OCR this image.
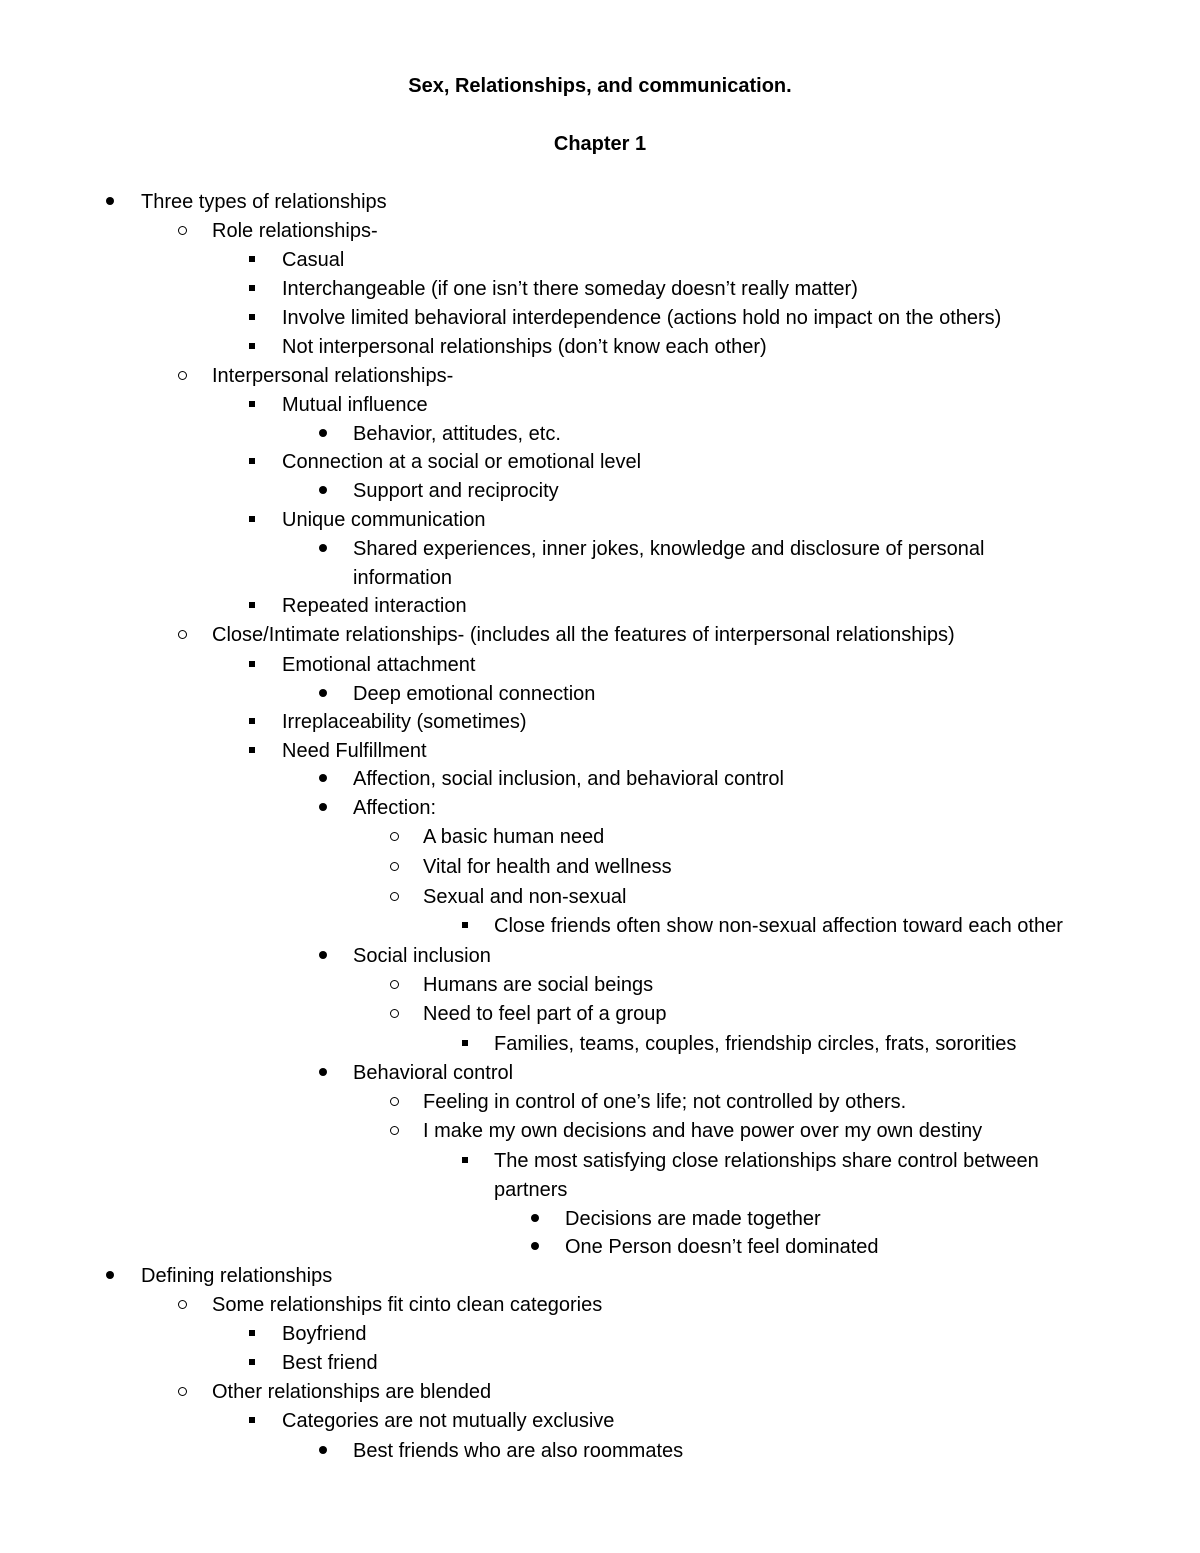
Sex, Relationships, and communication.
Chapter 1
Three types of relationships
Role relationships-
Casual
Interchangeable (if one isn’t there someday doesn’t really matter)
Involve limited behavioral interdependence (actions hold no impact on the others)
Not interpersonal relationships (don’t know each other)
Interpersonal relationships-
Mutual influence
Behavior, attitudes, etc.
Connection at a social or emotional level
Support and reciprocity
Unique communication
Shared experiences, inner jokes, knowledge and disclosure of personal
information
Repeated interaction
Close/Intimate relationships- (includes all the features of interpersonal relationships)
Emotional attachment
Deep emotional connection
Irreplaceability (sometimes)
Need Fulfillment
Affection, social inclusion, and behavioral control
Affection:
A basic human need
Vital for health and wellness
Sexual and non-sexual
Close friends often show non-sexual affection toward each other
Social inclusion
Humans are social beings
Need to feel part of a group
Families, teams, couples, friendship circles, frats, sororities
Behavioral control
Feeling in control of one’s life; not controlled by others.
I make my own decisions and have power over my own destiny
The most satisfying close relationships share control between
partners
Decisions are made together
One Person doesn’t feel dominated
Defining relationships
Some relationships fit cinto clean categories
Boyfriend
Best friend
Other relationships are blended
Categories are not mutually exclusive
Best friends who are also roommates
